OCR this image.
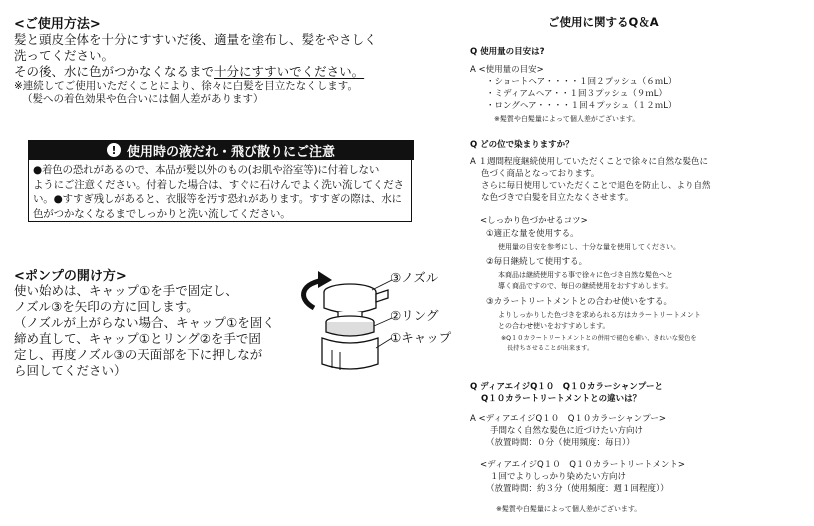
<ご使用方法>
髪と頭皮全体を十分にすすいだ後、適量を塗布し、髪をやさしく
洗ってください。
その後、水に色がつかなくなるまで十分にすすいでください。
※連続してご使用いただくことにより、徐々に白髪を目立たなくします。
（髪への着色効果や色合いには個人差があります）
! 使用時の液だれ・飛び散りにご注意
●着色の恐れがあるので、本品が髪以外のもの(お肌や浴室等)に付着しない
ようにご注意ください。付着した場合は、すぐに石けんでよく洗い流してくださ
い。●すすぎ残しがあると、衣服等を汚す恐れがあります。すすぎの際は、水に
色がつかなくなるまでしっかりと洗い流してください。
<ポンプの開け方>
使い始めは、キャップ①を手で固定し、
ノズル③を矢印の方に回します。
（ノズルが上がらない場合、キャップ①を固く
締め直して、キャップ①とリング②を手で固
定し、再度ノズル③の天面部を下に押しなが
ら回してください）
③ノズル
②リング
①キャップ
ご使用に関するQ＆A
Q 使用量の目安は?
A <使用量の目安>
・ショートヘア・・・・１回２プッシュ（６ｍL）
・ミディアムヘア・・１回３プッシュ（９ｍL）
・ロングヘア・・・・１回４プッシュ（１２ｍL）
※髪質や白髪量によって個人差がございます。
Q どの位で染まりますか？
A １週間程度継続使用していただくことで徐々に自然な髪色に
色づく商品となっております。
さらに毎日使用していただくことで退色を防止し、より自然
な色づきで白髪を目立たなくさせます。
<しっかり色づかせるコツ>
①適正な量を使用する。
使用量の目安を参考にし、十分な量を使用してください。
②毎日継続して使用する。
本商品は継続使用する事で徐々に色づき自然な髪色へと
導く商品ですので、毎日の継続使用をおすすめします。
③カラートリートメントとの合わせ使いをする。
よりしっかりした色づきを求められる方はカラートリートメント
との合わせ使いをおすすめします。
※Q１０カラートリートメントとの併用で褪色を補い、きれいな髪色を
長持ちさせることが出来ます。
Q ディアエイジQ１０　Q１０カラーシャンプーと
Q１０カラートリートメントとの違いは？
A <ディアエイジQ１０　Q１０カラーシャンプー>
手間なく自然な髪色に近づけたい方向け
（放置時間：０分（使用頻度：毎日））
<ディアエイジQ１０　Q１０カラートリートメント>
１回でよりしっかり染めたい方向け
（放置時間：約３分（使用頻度：週１回程度））
※髪質や白髪量によって個人差がございます。
